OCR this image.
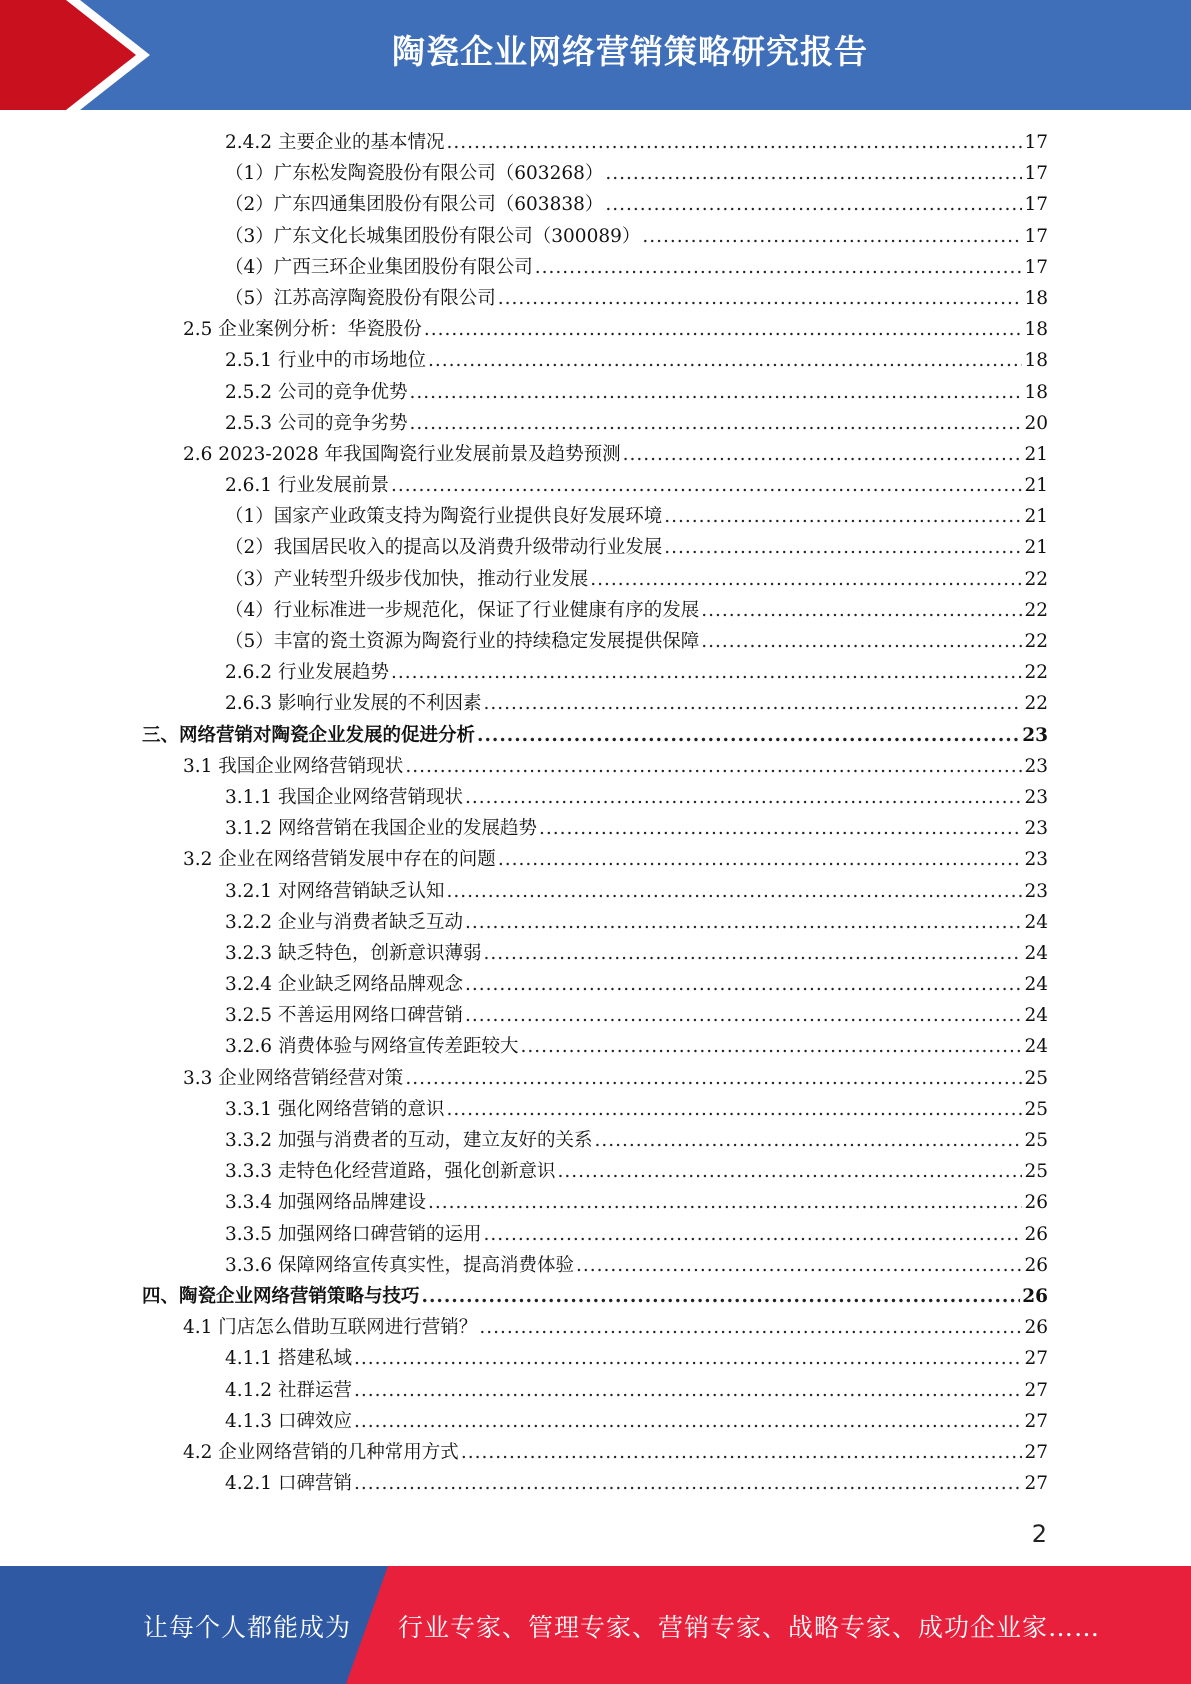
陶瓷企业网络营销策略研究报告
2.4.2 主要企业的基本情况 .....	17
（1）广东松发陶瓷股份有限公司（603268） .....	17
（2）广东四通集团股份有限公司（603838） .....	17
（3）广东文化长城集团股份有限公司（300089） .....	17
（4）广西三环企业集团股份有限公司 .....	17
（5）江苏高淳陶瓷股份有限公司 .....	18
2.5 企业案例分析：华瓷股份 .....	18
2.5.1 行业中的市场地位 .....	18
2.5.2 公司的竞争优势 .....	18
2.5.3 公司的竞争劣势 .....	20
2.6 2023-2028 年我国陶瓷行业发展前景及趋势预测 .....	21
2.6.1 行业发展前景 .....	21
（1）国家产业政策支持为陶瓷行业提供良好发展环境 .....	21
（2）我国居民收入的提高以及消费升级带动行业发展 .....	21
（3）产业转型升级步伐加快，推动行业发展 .....	22
（4）行业标准进一步规范化，保证了行业健康有序的发展 .....	22
（5）丰富的瓷土资源为陶瓷行业的持续稳定发展提供保障 .....	22
2.6.2 行业发展趋势 .....	22
2.6.3 影响行业发展的不利因素 .....	22
三、网络营销对陶瓷企业发展的促进分析 .....	23
3.1 我国企业网络营销现状 .....	23
3.1.1 我国企业网络营销现状 .....	23
3.1.2 网络营销在我国企业的发展趋势 .....	23
3.2 企业在网络营销发展中存在的问题 .....	23
3.2.1 对网络营销缺乏认知 .....	23
3.2.2 企业与消费者缺乏互动 .....	24
3.2.3 缺乏特色，创新意识薄弱 .....	24
3.2.4 企业缺乏网络品牌观念 .....	24
3.2.5 不善运用网络口碑营销 .....	24
3.2.6 消费体验与网络宣传差距较大 .....	24
3.3 企业网络营销经营对策 .....	25
3.3.1 强化网络营销的意识 .....	25
3.3.2 加强与消费者的互动，建立友好的关系 .....	25
3.3.3 走特色化经营道路，强化创新意识 .....	25
3.3.4 加强网络品牌建设 .....	26
3.3.5 加强网络口碑营销的运用 .....	26
3.3.6 保障网络宣传真实性，提高消费体验 .....	26
四、陶瓷企业网络营销策略与技巧 .....	26
4.1 门店怎么借助互联网进行营销？ .....	26
4.1.1 搭建私域 .....	27
4.1.2 社群运营 .....	27
4.1.3 口碑效应 .....	27
4.2 企业网络营销的几种常用方式 .....	27
4.2.1 口碑营销 .....	27
2
让每个人都能成为 行业专家、管理专家、营销专家、战略专家、成功企业家……
